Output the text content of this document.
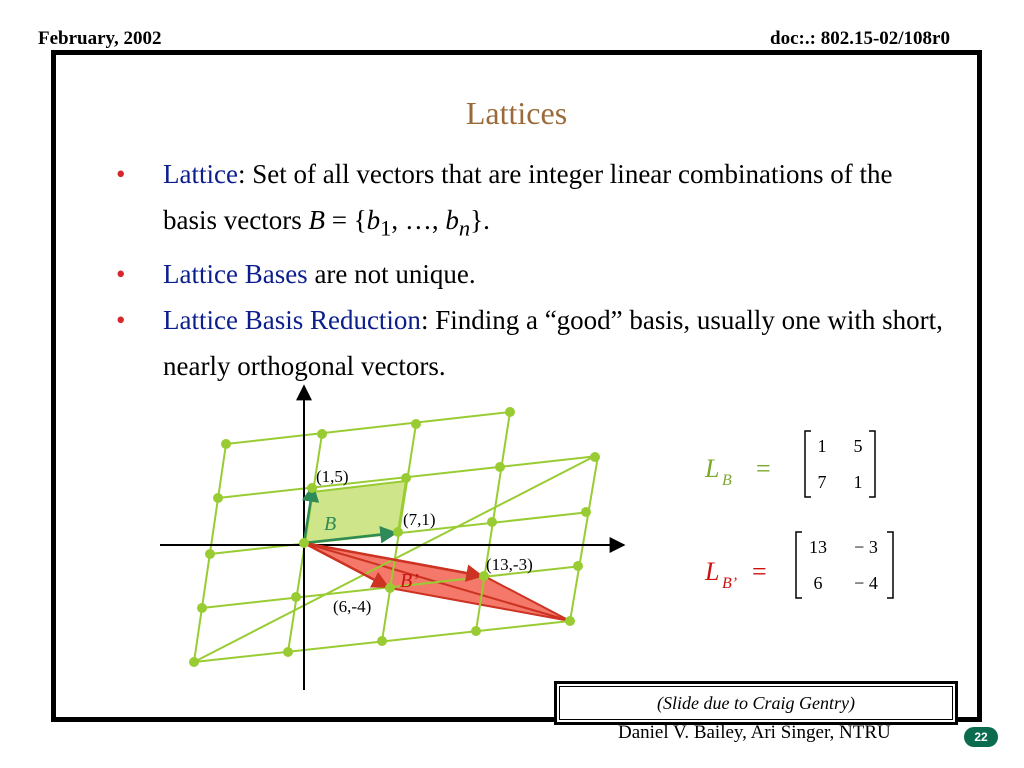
February, 2002	doc:.: 802.15-02/108r0
Lattices
• Lattice: Set of all vectors that are integer linear combinations of the basis vectors $B = \{b_1$, …, $b_n$}.
• Lattice Bases are not unique.
• Lattice Basis Reduction: Finding a “good” basis, usually one with short, nearly orthogonal vectors.
(1,5)
(7,1)
(13,-3)
(6,-4)
B
B’
L B =
1 5
7 1
L B’ =
13 − 3
6 − 4
(Slide due to Craig Gentry)
Daniel V. Bailey, Ari Singer, NTRU	22
